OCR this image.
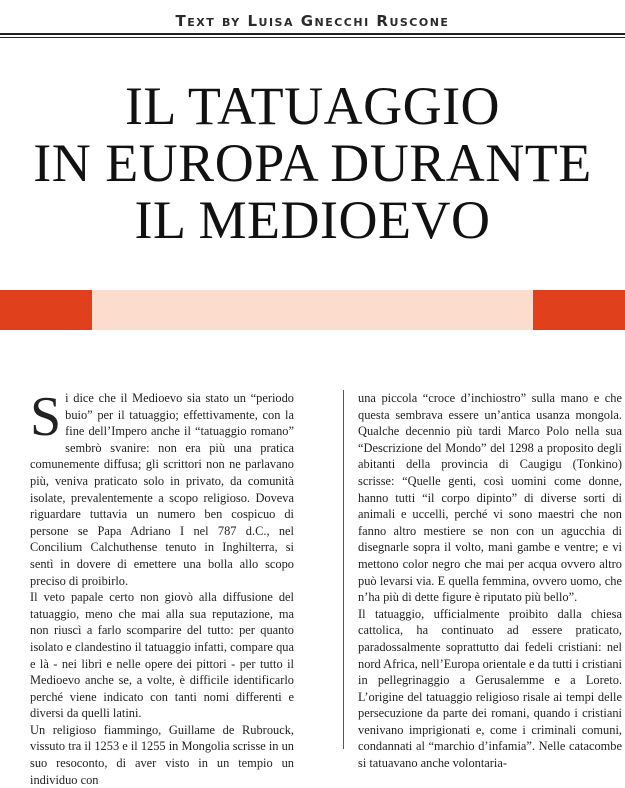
Text by Luisa Gnecchi Ruscone
IL TATUAGGIO
IN EUROPA DURANTE
IL MEDIOEVO

Si dice che il Medioevo sia stato un “periodo buio” per il tatuaggio; effettivamente, con la fine dell’Impero anche il “tatuaggio romano” sembrò svanire: non era più una pratica comunemente diffusa; gli scrittori non ne parlavano più, veniva praticato solo in privato, da comunità isolate, prevalentemente a scopo religioso. Doveva riguardare tuttavia un numero ben cospicuo di persone se Papa Adriano I nel 787 d.C., nel Concilium Calchuthense tenuto in Inghilterra, si sentì in dovere di emettere una bolla allo scopo preciso di proibirlo.

Il veto papale certo non giovò alla diffusione del tatuaggio, meno che mai alla sua reputazione, ma non riuscì a farlo scomparire del tutto: per quanto isolato e clandestino il tatuaggio infatti, compare qua e là - nei libri e nelle opere dei pittori - per tutto il Medioevo anche se, a volte, è difficile identificarlo perché viene indicato con tanti nomi differenti e diversi da quelli latini.

Un religioso fiammingo, Guillame de Rubrouck, vissuto tra il 1253 e il 1255 in Mongolia scrisse in un suo resoconto, di aver visto in un tempio un individuo con

una piccola “croce d’inchiostro” sulla mano e che questa sembrava essere un’antica usanza mongola. Qualche decennio più tardi Marco Polo nella sua “Descrizione del Mondo” del 1298 a proposito degli abitanti della provincia di Caugigu (Tonkino) scrisse: “Quelle genti, così uomini come donne, hanno tutti “il corpo dipinto” di diverse sorti di animali e uccelli, perché vi sono maestri che non fanno altro mestiere se non con un agucchia di disegnarle sopra il volto, mani gambe e ventre; e vi mettono color negro che mai per acqua ovvero altro può levarsi via. E quella femmina, ovvero uomo, che n’ha più di dette figure è riputato più bello”.

Il tatuaggio, ufficialmente proibito dalla chiesa cattolica, ha continuato ad essere praticato, paradossalmente soprattutto dai fedeli cristiani: nel nord Africa, nell’Europa orientale e da tutti i cristiani in pellegrinaggio a Gerusalemme e a Loreto. L’origine del tatuaggio religioso risale ai tempi delle persecuzione da parte dei romani, quando i cristiani venivano imprigionati e, come i criminali comuni, condannati al “marchio d’infamia”. Nelle catacombe si tatuavano anche volontaria-
